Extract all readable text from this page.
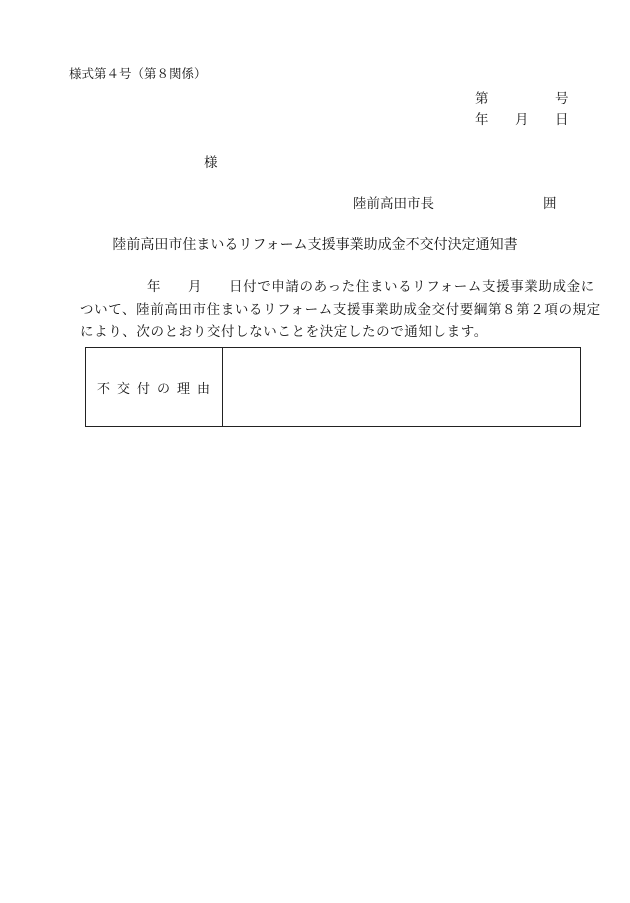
様式第４号（第８関係）
第	号
年 月 日
様
陸前高田市長	囲
陸前高田市住まいるリフォーム支援事業助成金不交付決定通知書
年 月 日付で申請のあった住まいるリフォーム支援事業助成金に
ついて、陸前高田市住まいるリフォーム支援事業助成金交付要綱第８第２項の規定
により、次のとおり交付しないことを決定したので通知します。
不交付の理由
